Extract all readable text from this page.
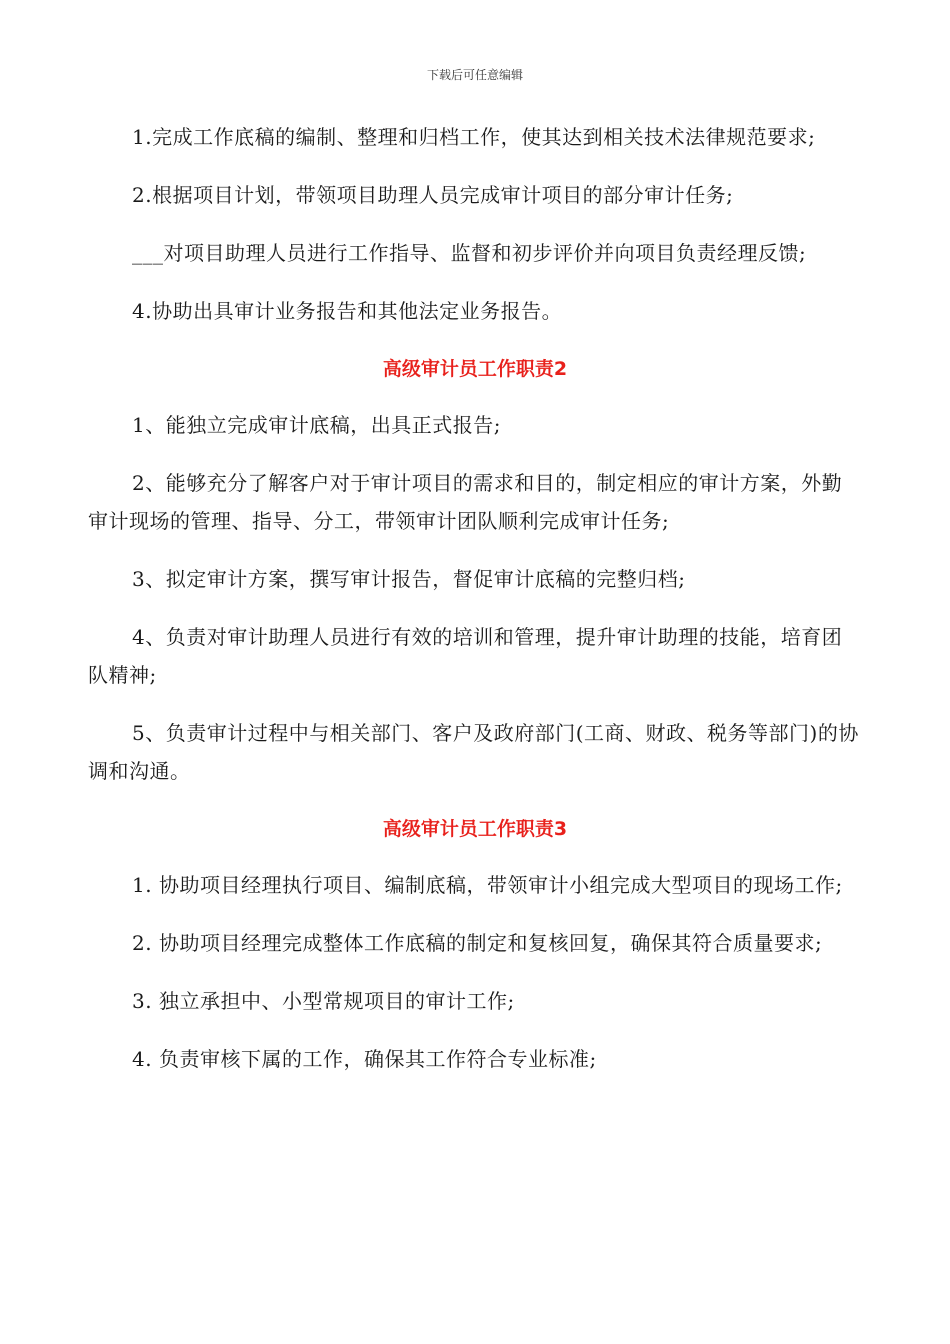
下载后可任意编辑

1.完成工作底稿的编制、整理和归档工作，使其达到相关技术法律规范要求;

2.根据项目计划，带领项目助理人员完成审计项目的部分审计任务;

___对项目助理人员进行工作指导、监督和初步评价并向项目负责经理反馈;

4.协助出具审计业务报告和其他法定业务报告。

高级审计员工作职责2

1、能独立完成审计底稿，出具正式报告;

2、能够充分了解客户对于审计项目的需求和目的，制定相应的审计方案，外勤审计现场的管理、指导、分工，带领审计团队顺利完成审计任务;

3、拟定审计方案，撰写审计报告，督促审计底稿的完整归档;

4、负责对审计助理人员进行有效的培训和管理，提升审计助理的技能，培育团队精神;

5、负责审计过程中与相关部门、客户及政府部门(工商、财政、税务等部门)的协调和沟通。

高级审计员工作职责3

1. 协助项目经理执行项目、编制底稿，带领审计小组完成大型项目的现场工作;

2. 协助项目经理完成整体工作底稿的制定和复核回复，确保其符合质量要求;

3. 独立承担中、小型常规项目的审计工作;

4. 负责审核下属的工作，确保其工作符合专业标准;
